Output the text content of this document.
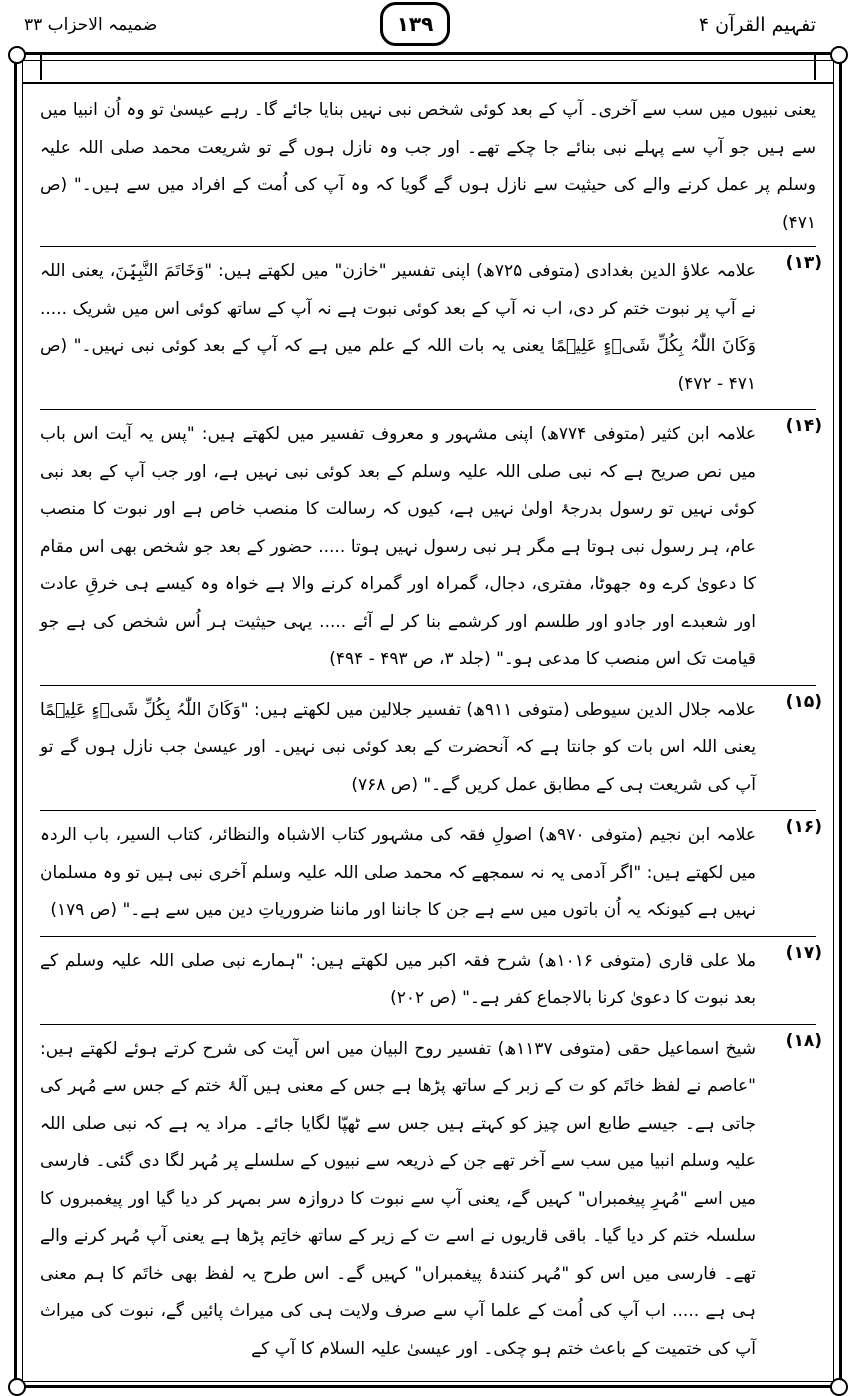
ضمیمہ الاحزاب ۳۳	۱۳۹	تفہیم القرآن ۴

یعنی نبیوں میں سب سے آخری۔ آپ کے بعد کوئی شخص نبی نہیں بنایا جائے گا۔ رہے عیسیٰ تو وہ اُن انبیا میں سے ہیں جو آپ سے پہلے نبی بنائے جا چکے تھے۔ اور جب وہ نازل ہوں گے تو شریعت محمد صلی اللہ علیہ وسلم پر عمل کرنے والے کی حیثیت سے نازل ہوں گے گویا کہ وہ آپ کی اُمت کے افراد میں سے ہیں۔" (ص ۴۷۱)

(۱۳)

علامہ علاؤ الدین بغدادی (متوفی ۷۲۵ھ) اپنی تفسیر "خازن" میں لکھتے ہیں: "وَخَاتَمَ النَّبِیّٖنَ، یعنی اللہ نے آپ پر نبوت ختم کر دی، اب نہ آپ کے بعد کوئی نبوت ہے نہ آپ کے ساتھ کوئی اس میں شریک ..... وَکَانَ اللّٰہُ بِکُلِّ شَیۡءٍ عَلِیۡمًا یعنی یہ بات اللہ کے علم میں ہے کہ آپ کے بعد کوئی نبی نہیں۔" (ص ۴۷۱ - ۴۷۲)

(۱۴)

علامہ ابن کثیر (متوفی ۷۷۴ھ) اپنی مشہور و معروف تفسیر میں لکھتے ہیں: "پس یہ آیت اس باب میں نص صریح ہے کہ نبی صلی اللہ علیہ وسلم کے بعد کوئی نبی نہیں ہے، اور جب آپ کے بعد نبی کوئی نہیں تو رسول بدرجۂ اولیٰ نہیں ہے، کیوں کہ رسالت کا منصب خاص ہے اور نبوت کا منصب عام، ہر رسول نبی ہوتا ہے مگر ہر نبی رسول نہیں ہوتا ..... حضور کے بعد جو شخص بھی اس مقام کا دعویٰ کرے وہ جھوٹا، مفتری، دجال، گمراہ اور گمراہ کرنے والا ہے خواہ وہ کیسے ہی خرقِ عادت اور شعبدے اور جادو اور طلسم اور کرشمے بنا کر لے آئے ..... یہی حیثیت ہر اُس شخص کی ہے جو قیامت تک اس منصب کا مدعی ہو۔" (جلد ۳، ص ۴۹۳ - ۴۹۴)

(۱۵)

علامہ جلال الدین سیوطی (متوفی ۹۱۱ھ) تفسیر جلالین میں لکھتے ہیں: "وَکَانَ اللّٰہُ بِکُلِّ شَیۡءٍ عَلِیۡمًا یعنی اللہ اس بات کو جانتا ہے کہ آنحضرت کے بعد کوئی نبی نہیں۔ اور عیسیٰ جب نازل ہوں گے تو آپ کی شریعت ہی کے مطابق عمل کریں گے۔" (ص ۷۶۸)

(۱۶)

علامہ ابن نجیم (متوفی ۹۷۰ھ) اصولِ فقہ کی مشہور کتاب الاشباہ والنظائر، کتاب السیر، باب الردہ میں لکھتے ہیں: "اگر آدمی یہ نہ سمجھے کہ محمد صلی اللہ علیہ وسلم آخری نبی ہیں تو وہ مسلمان نہیں ہے کیونکہ یہ اُن باتوں میں سے ہے جن کا جاننا اور ماننا ضروریاتِ دین میں سے ہے۔" (ص ۱۷۹)

(۱۷)

ملا علی قاری (متوفی ۱۰۱۶ھ) شرح فقہ اکبر میں لکھتے ہیں: "ہمارے نبی صلی اللہ علیہ وسلم کے بعد نبوت کا دعویٰ کرنا بالاجماع کفر ہے۔" (ص ۲۰۲)

(۱۸)

شیخ اسماعیل حقی (متوفی ۱۱۳۷ھ) تفسیر روح البیان میں اس آیت کی شرح کرتے ہوئے لکھتے ہیں: "عاصم نے لفظ خاتَم کو ت کے زبر کے ساتھ پڑھا ہے جس کے معنی ہیں آلۂ ختم کے جس سے مُہر کی جاتی ہے۔ جیسے طابع اس چیز کو کہتے ہیں جس سے ٹھپّا لگایا جائے۔ مراد یہ ہے کہ نبی صلی اللہ علیہ وسلم انبیا میں سب سے آخر تھے جن کے ذریعہ سے نبیوں کے سلسلے پر مُہر لگا دی گئی۔ فارسی میں اسے "مُہرِ پیغمبراں" کہیں گے، یعنی آپ سے نبوت کا دروازہ سر بمہر کر دیا گیا اور پیغمبروں کا سلسلہ ختم کر دیا گیا۔ باقی قاریوں نے اسے ت کے زیر کے ساتھ خاتِم پڑھا ہے یعنی آپ مُہر کرنے والے تھے۔ فارسی میں اس کو "مُہر کنندۂ پیغمبراں" کہیں گے۔ اس طرح یہ لفظ بھی خاتَم کا ہم معنی ہی ہے ..... اب آپ کی اُمت کے علما آپ سے صرف ولایت ہی کی میراث پائیں گے، نبوت کی میراث آپ کی ختمیت کے باعث ختم ہو چکی۔ اور عیسیٰ علیہ السلام کا آپ کے
